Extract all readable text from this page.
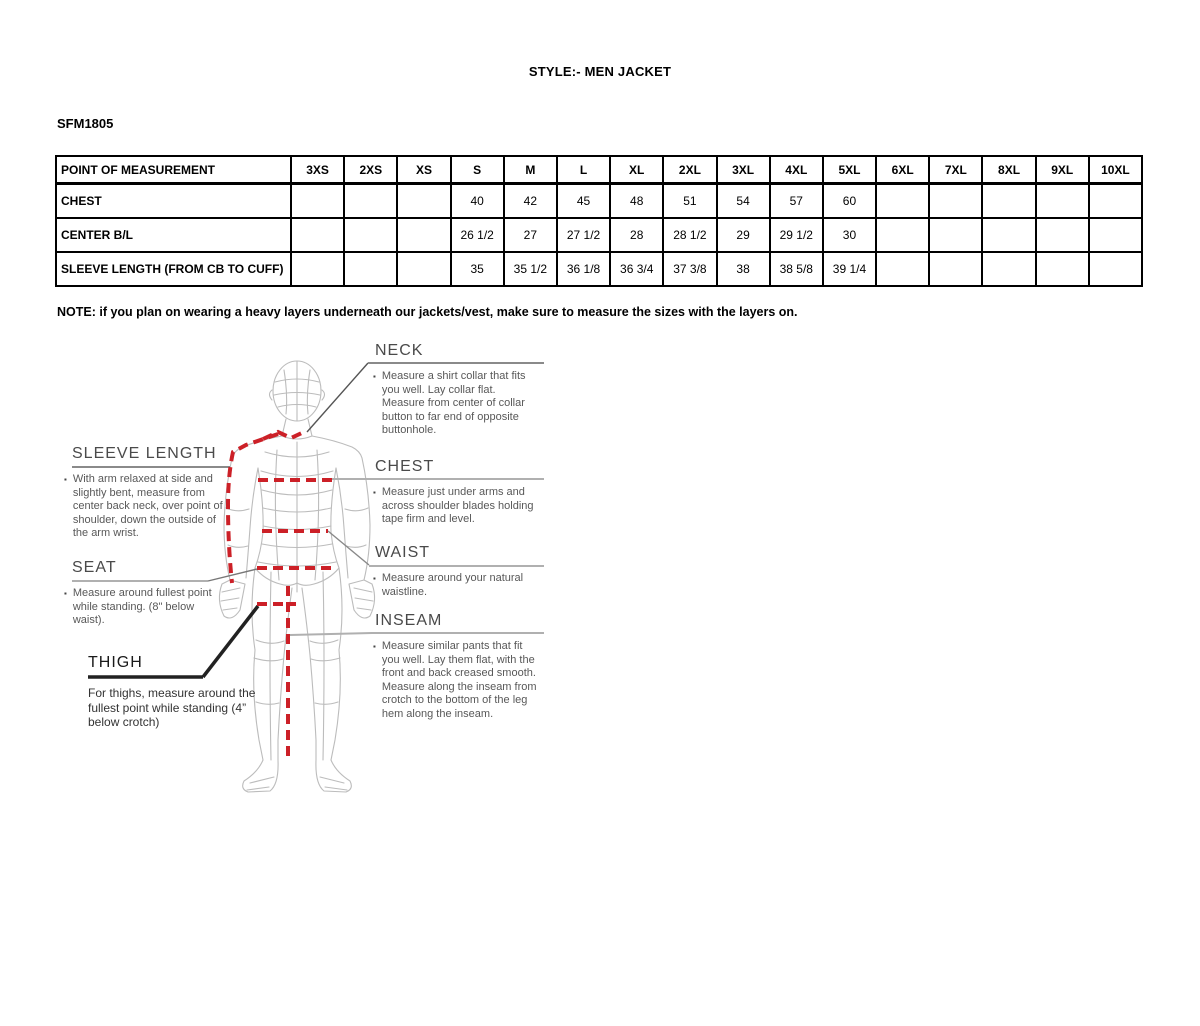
STYLE:- MEN JACKET
SFM1805
POINT OF MEASUREMENT	3XS	2XS	XS	S	M	L	XL	2XL	3XL	4XL	5XL	6XL	7XL	8XL	9XL	10XL
CHEST				40	42	45	48	51	54	57	60					
CENTER B/L				26 1/2	27	27 1/2	28	28 1/2	29	29 1/2	30					
SLEEVE LENGTH (FROM CB TO CUFF)				35	35 1/2	36 1/8	36 3/4	37 3/8	38	38 5/8	39 1/4					
NOTE: if you plan on wearing a heavy layers underneath our jackets/vest, make sure to measure the sizes with the layers on.
NECK
▪ Measure a shirt collar that fits you well. Lay collar flat. Measure from center of collar button to far end of opposite buttonhole.
SLEEVE LENGTH
▪ With arm relaxed at side and slightly bent, measure from center back neck, over point of shoulder, down the outside of the arm wrist.
CHEST
▪ Measure just under arms and across shoulder blades holding tape firm and level.
WAIST
▪ Measure around your natural waistline.
SEAT
▪ Measure around fullest point while standing. (8" below waist).	INSEAM
▪ Measure similar pants that fit you well. Lay them flat, with the front and back creased smooth. Measure along the inseam from crotch to the bottom of the leg hem along the inseam.
THIGH
For thighs, measure around the fullest point while standing (4” below crotch)
